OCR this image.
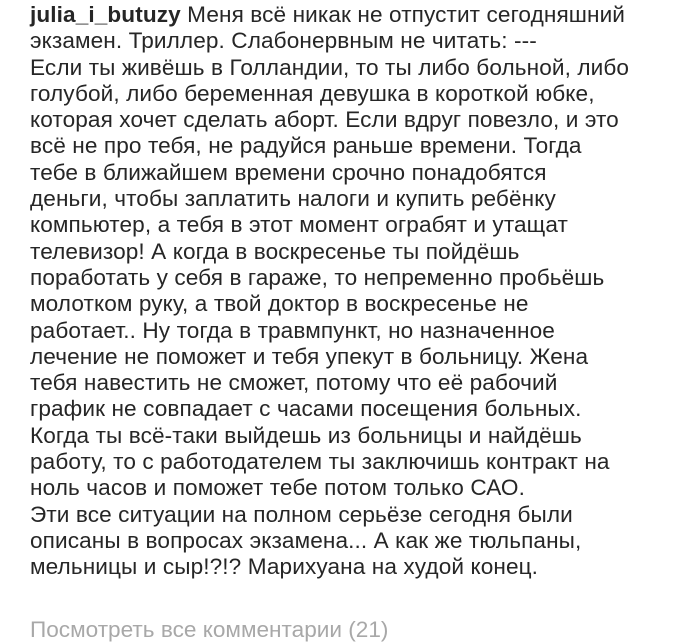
julia_i_butuzy Меня всё никак не отпустит сегодняшний
экзамен. Триллер. Слабонервным не читать: ---
Если ты живёшь в Голландии, то ты либо больной, либо
голубой, либо беременная девушка в короткой юбке,
которая хочет сделать аборт. Если вдруг повезло, и это
всё не про тебя, не радуйся раньше времени. Тогда
тебе в ближайшем времени срочно понадобятся
деньги, чтобы заплатить налоги и купить ребёнку
компьютер, а тебя в этот момент ограбят и утащат
телевизор! А когда в воскресенье ты пойдёшь
поработать у себя в гараже, то непременно пробьёшь
молотком руку, а твой доктор в воскресенье не
работает.. Ну тогда в травмпункт, но назначенное
лечение не поможет и тебя упекут в больницу. Жена
тебя навестить не сможет, потому что её рабочий
график не совпадает с часами посещения больных.
Когда ты всё-таки выйдешь из больницы и найдёшь
работу, то с работодателем ты заключишь контракт на
ноль часов и поможет тебе потом только САО.

Эти все ситуации на полном серьёзе сегодня были
описаны в вопросах экзамена... А как же тюльпаны,
мельницы и сыр!?!? Марихуана на худой конец.

Посмотреть все комментарии (21)
